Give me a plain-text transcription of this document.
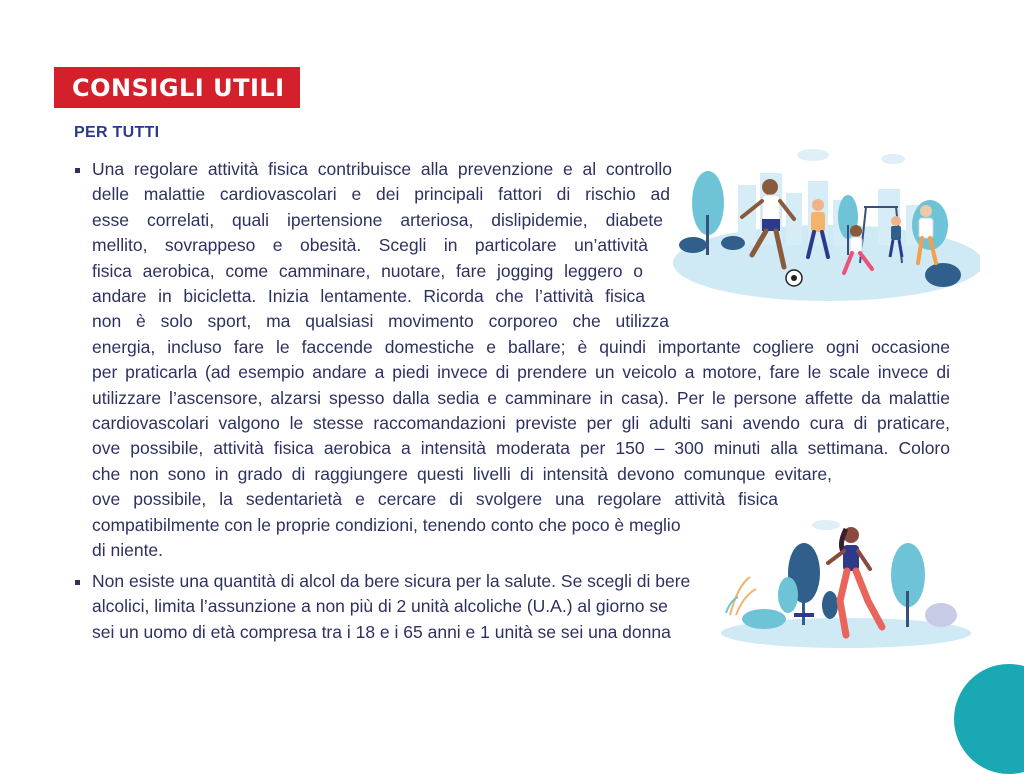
CONSIGLI UTILI
PER TUTTI
Una regolare attività fisica contribuisce alla prevenzione e al controllo
delle malattie cardiovascolari e dei principali fattori di rischio ad
esse correlati, quali ipertensione arteriosa, dislipidemie, diabete
mellito, sovrappeso e obesità. Scegli in particolare un’attività
fisica aerobica, come camminare, nuotare, fare jogging leggero o
andare in bicicletta. Inizia lentamente. Ricorda che l’attività fisica
non è solo sport, ma qualsiasi movimento corporeo che utilizza
energia, incluso fare le faccende domestiche e ballare; è quindi importante cogliere ogni occasione
per praticarla (ad esempio andare a piedi invece di prendere un veicolo a motore, fare le scale invece di
utilizzare l’ascensore, alzarsi spesso dalla sedia e camminare in casa). Per le persone affette da malattie
cardiovascolari valgono le stesse raccomandazioni previste per gli adulti sani avendo cura di praticare,
ove possibile, attività fisica aerobica a intensità moderata per 150 – 300 minuti alla settimana. Coloro
che non sono in grado di raggiungere questi livelli di intensità devono comunque evitare,
ove possibile, la sedentarietà e cercare di svolgere una regolare attività fisica
compatibilmente con le proprie condizioni, tenendo conto che poco è meglio
di niente.
Non esiste una quantità di alcol da bere sicura per la salute. Se scegli di bere
alcolici, limita l’assunzione a non più di 2 unità alcoliche (U.A.) al giorno se
sei un uomo di età compresa tra i 18 e i 65 anni e 1 unità se sei una donna
